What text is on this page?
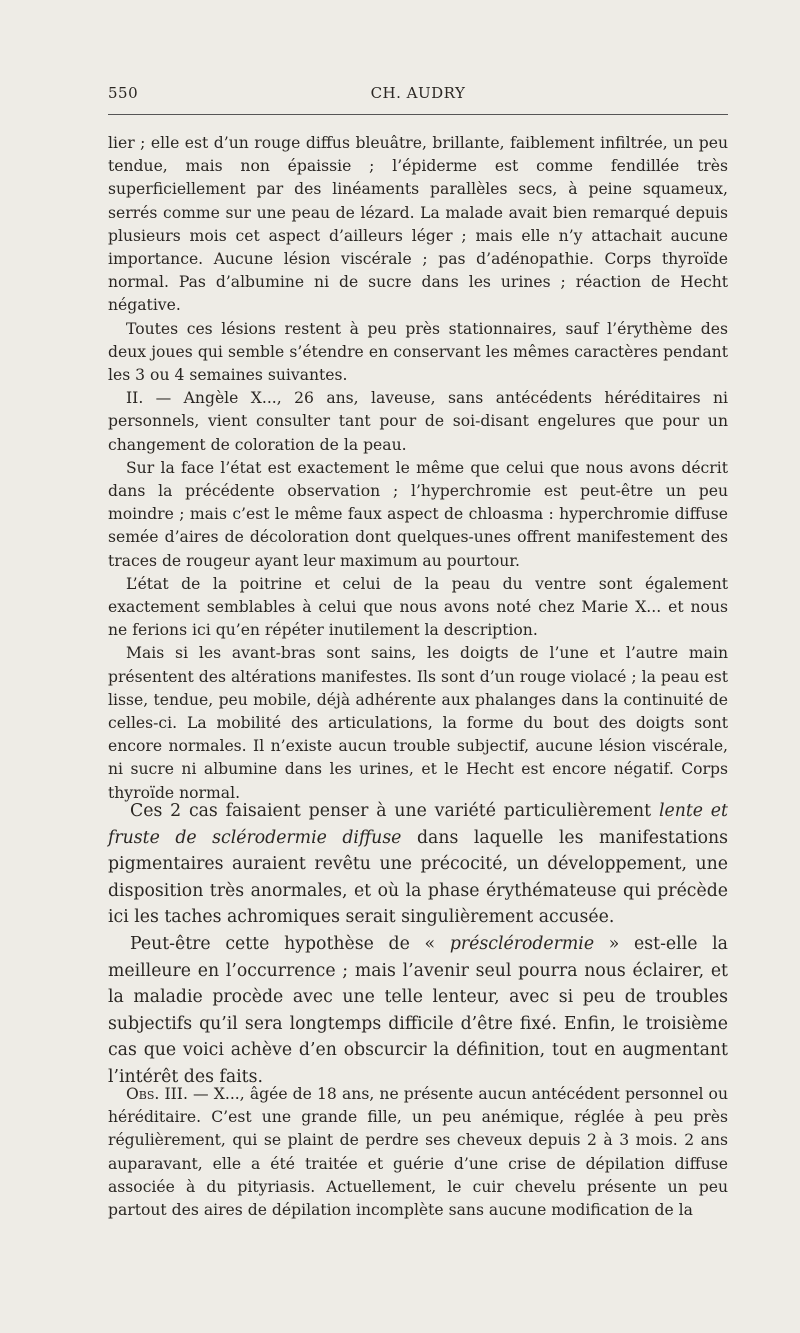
550	CH. AUDRY

lier ; elle est d’un rouge diffus bleuâtre, brillante, faiblement infiltrée, un peu tendue, mais non épaissie ; l’épiderme est comme fendillée très superficiellement par des linéaments parallèles secs, à peine squameux, serrés comme sur une peau de lézard. La malade avait bien remarqué depuis plusieurs mois cet aspect d’ailleurs léger ; mais elle n’y attachait aucune importance. Aucune lésion viscérale ; pas d’adénopathie. Corps thyroïde normal. Pas d’albumine ni de sucre dans les urines ; réaction de Hecht négative.

Toutes ces lésions restent à peu près stationnaires, sauf l’érythème des deux joues qui semble s’étendre en conservant les mêmes caractères pendant les 3 ou 4 semaines suivantes.

II. — Angèle X..., 26 ans, laveuse, sans antécédents héréditaires ni personnels, vient consulter tant pour de soi-disant engelures que pour un changement de coloration de la peau.

Sur la face l’état est exactement le même que celui que nous avons décrit dans la précédente observation ; l’hyperchromie est peut-être un peu moindre ; mais c’est le même faux aspect de chloasma : hyperchromie diffuse semée d’aires de décoloration dont quelques-unes offrent manifestement des traces de rougeur ayant leur maximum au pourtour.

L’état de la poitrine et celui de la peau du ventre sont également exactement semblables à celui que nous avons noté chez Marie X... et nous ne ferions ici qu’en répéter inutilement la description.

Mais si les avant-bras sont sains, les doigts de l’une et l’autre main présentent des altérations manifestes. Ils sont d’un rouge violacé ; la peau est lisse, tendue, peu mobile, déjà adhérente aux phalanges dans la continuité de celles-ci. La mobilité des articulations, la forme du bout des doigts sont encore normales. Il n’existe aucun trouble subjectif, aucune lésion viscérale, ni sucre ni albumine dans les urines, et le Hecht est encore négatif. Corps thyroïde normal.

Ces 2 cas faisaient penser à une variété particulièrement lente et fruste de sclérodermie diffuse dans laquelle les manifestations pigmentaires auraient revêtu une précocité, un développement, une disposition très anormales, et où la phase érythémateuse qui précède ici les taches achromiques serait singulièrement accusée.

Peut-être cette hypothèse de « présclérodermie » est-elle la meilleure en l’occurrence ; mais l’avenir seul pourra nous éclairer, et la maladie procède avec une telle lenteur, avec si peu de troubles subjectifs qu’il sera longtemps difficile d’être fixé. Enfin, le troisième cas que voici achève d’en obscurcir la définition, tout en augmentant l’intérêt des faits.

Obs. III. — X..., âgée de 18 ans, ne présente aucun antécédent personnel ou héréditaire. C’est une grande fille, un peu anémique, réglée à peu près régulièrement, qui se plaint de perdre ses cheveux depuis 2 à 3 mois. 2 ans auparavant, elle a été traitée et guérie d’une crise de dépilation diffuse associée à du pityriasis. Actuellement, le cuir chevelu présente un peu partout des aires de dépilation incomplète sans aucune modification de la
